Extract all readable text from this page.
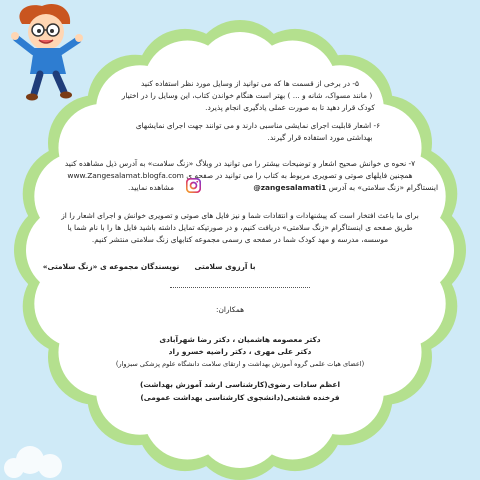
۵- در برخی از قسمت ها که می توانید از وسایل مورد نظر استفاده کنید
( مانند مسواک، شانه و ... ) بهتر است هنگام خواندن کتاب، این وسایل را در اختیار
کودک قرار دهید تا به صورت عملی یادگیری انجام پذیرد.
۶- اشعار قابلیت اجرای نمایشی مناسبی دارند و می توانند جهت اجرای نمایشهای
بهداشتی مورد استفاده قرار گیرند.
۷- نحوه ی خوانش صحیح اشعار و توضیحات بیشتر را می توانید در وبلاگ «زنگ سلامت» به آدرس ذیل مشاهده کنید
www.Zangesalamat.blogfa.com همچنین فایلهای صوتی و تصویری مربوط به کتاب را می توانید در صفحه ی
اینستاگرام «زنگ سلامتی» به آدرس zangesalamati1@
مشاهده نمایید.
برای ما باعث افتخار است که پیشنهادات و انتقادات شما و نیز فایل های صوتی و تصویری خوانش و اجرای اشعار را از
طریق صفحه ی اینستاگرام «زنگ سلامتی» دریافت کنیم، و در صورتیکه تمایل داشته باشید فایل ها را با نام شما یا
موسسه، مدرسه و مهد کودک شما در صفحه ی رسمی مجموعه کتابهای زنگ سلامتی منتشر کنیم.
با آرزوی سلامتی
نویسندگان مجموعه ی «زنگ سلامتی»
همکاران:
دکتر معصومه هاشمیان ، دکتر رضا شهرآبادی
دکتر علی مهری ، دکتر راضیه خسرو راد
(اعضای هیات علمی گروه آموزش بهداشت و ارتقای سلامت دانشگاه علوم پزشکی سبزوار)
اعظم سادات رضوی(کارشناسی ارشد آموزش بهداشت)
فرخنده فشتغی(دانشجوی کارشناسی بهداشت عمومی)
